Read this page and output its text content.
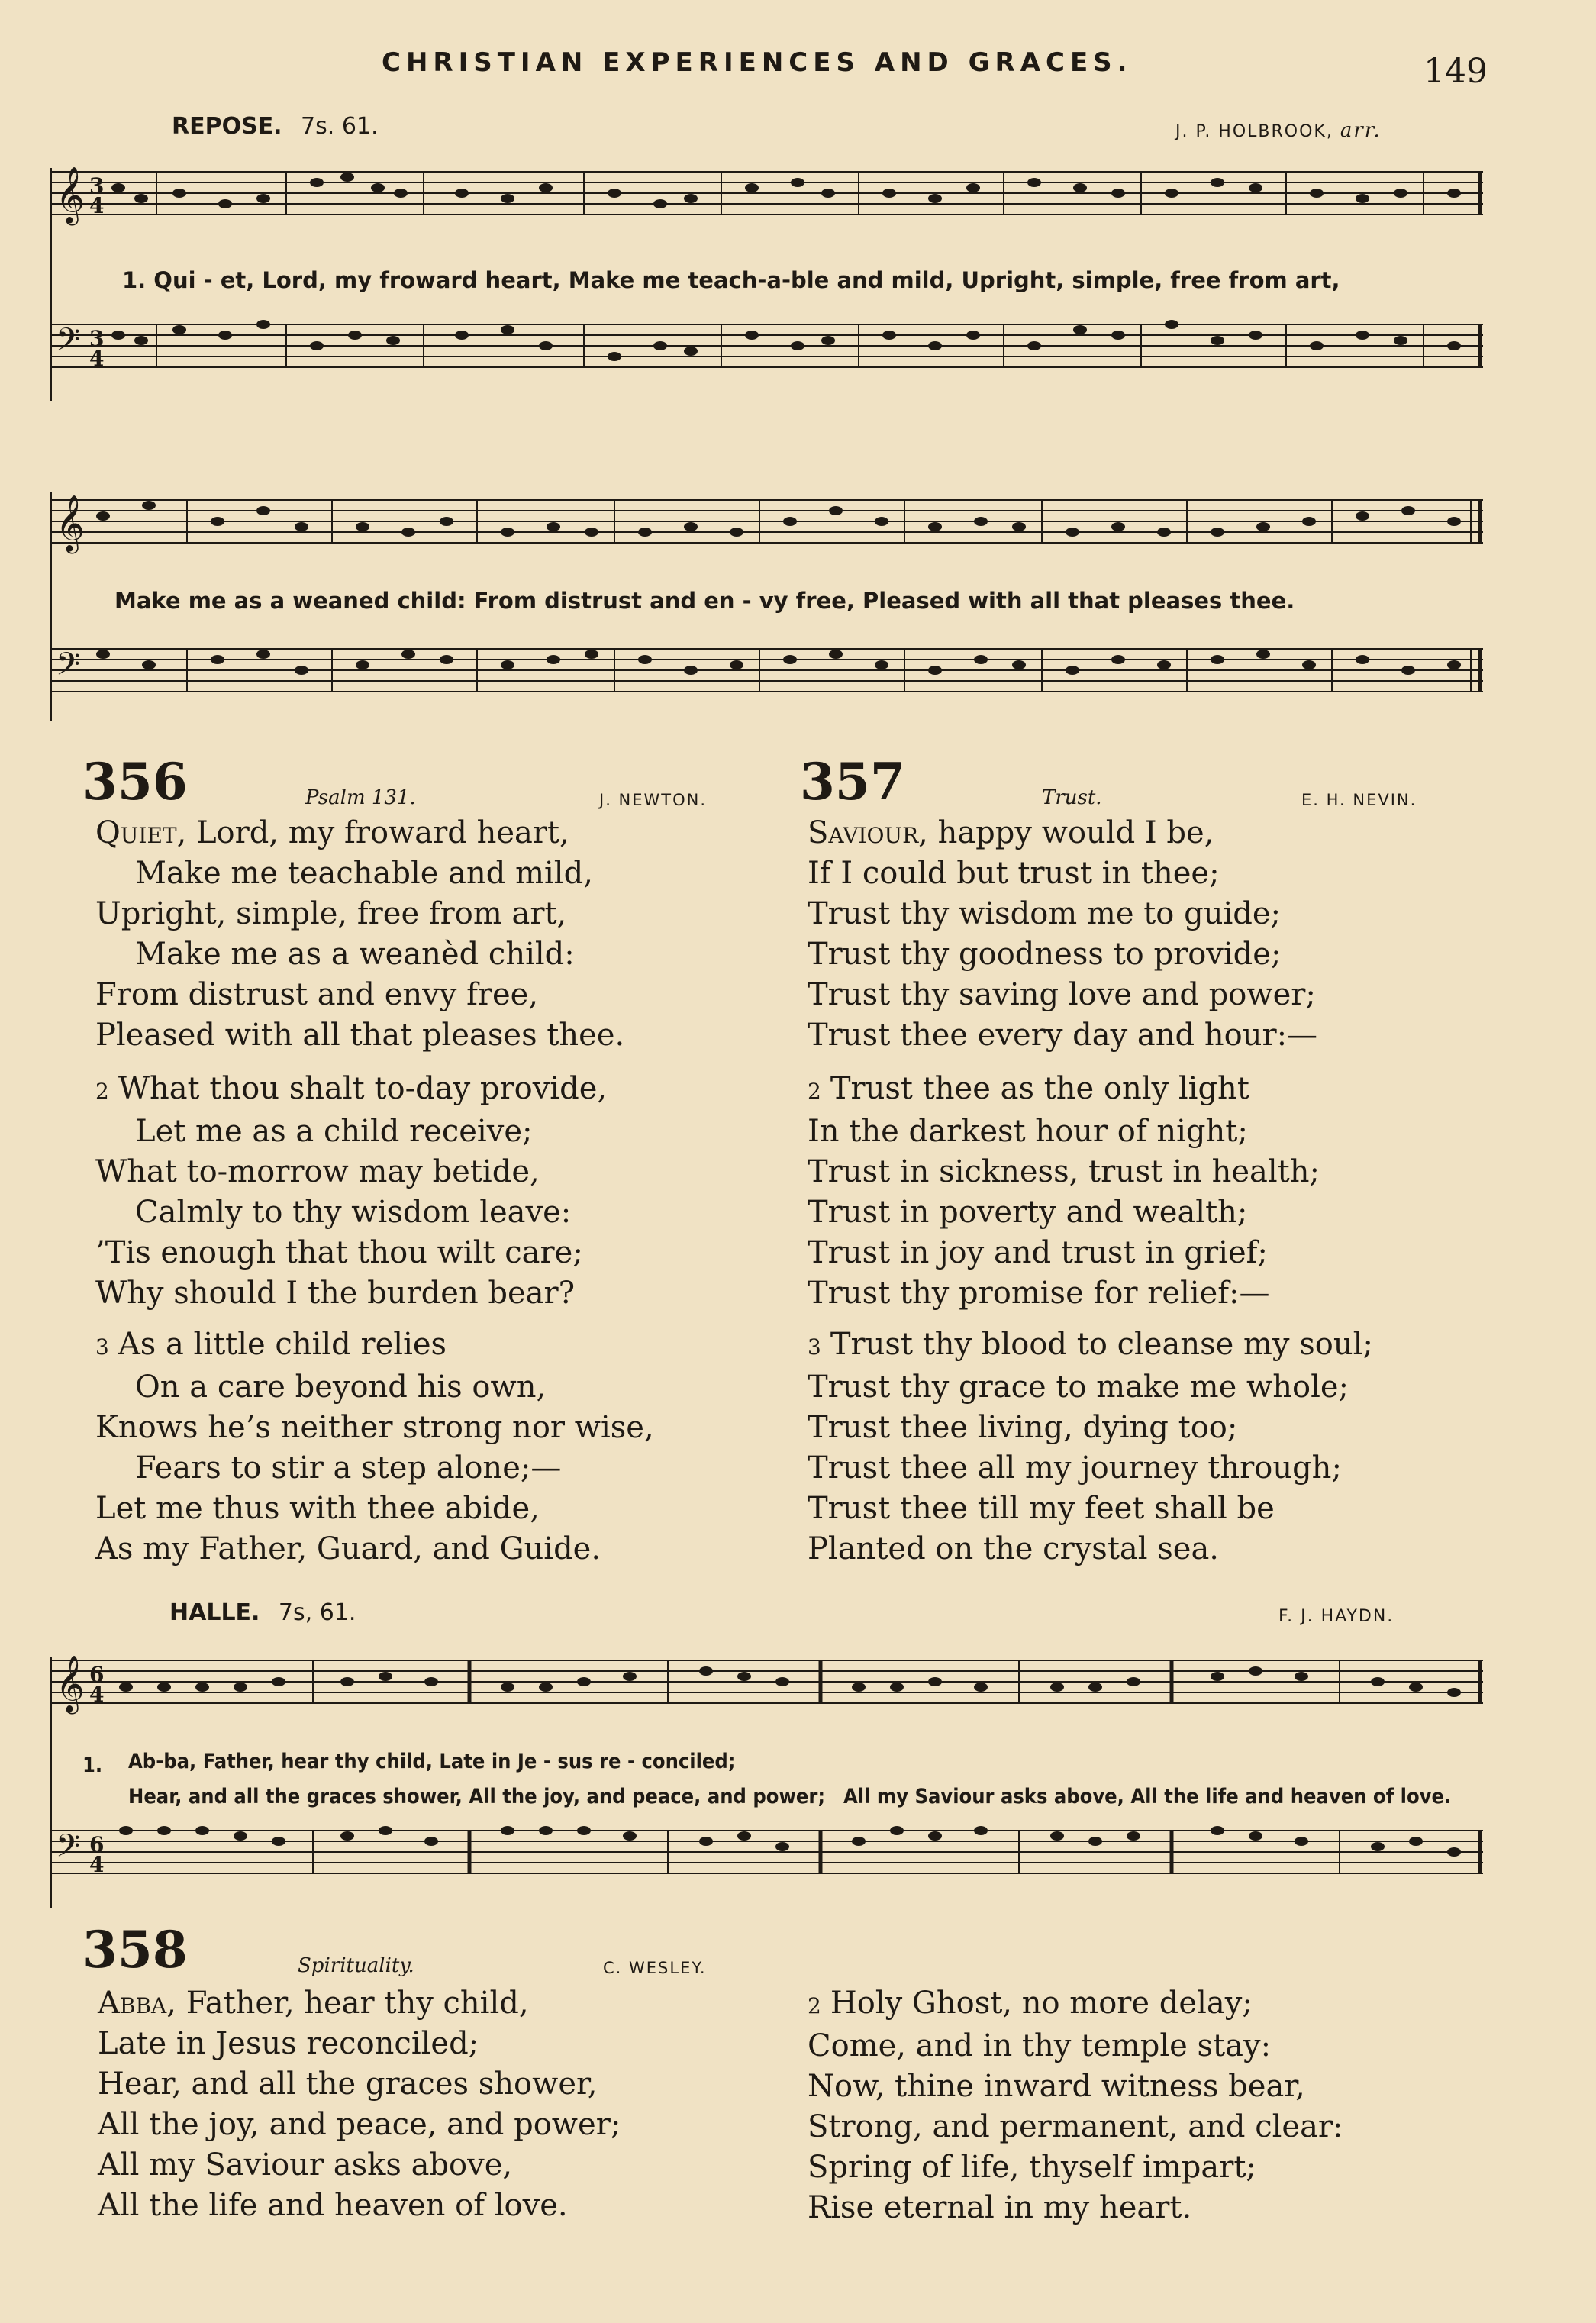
CHRISTIAN EXPERIENCES AND GRACES.	149
REPOSE. 7s. 61.	J. P. HOLBROOK, arr.
𝄞
𝄢
3
4
3
4
1. Qui - et, Lord, my froward heart, Make me teach-a-ble and mild, Upright, simple, free from art,
𝄞
𝄢
Make me as a weaned child: From distrust and en - vy free, Pleased with all that pleases thee.
356	Psalm 131.	J. NEWTON.
Quiet, Lord, my froward heart,
Make me teachable and mild,
Upright, simple, free from art,
Make me as a weanèd child:
From distrust and envy free,
Pleased with all that pleases thee.
2 What thou shalt to-day provide,
Let me as a child receive;
What to-morrow may betide,
Calmly to thy wisdom leave:
’Tis enough that thou wilt care;
Why should I the burden bear?
3 As a little child relies
On a care beyond his own,
Knows he’s neither strong nor wise,
Fears to stir a step alone;—
Let me thus with thee abide,
As my Father, Guard, and Guide.
357	Trust.	E. H. NEVIN.
Saviour, happy would I be,
If I could but trust in thee;
Trust thy wisdom me to guide;
Trust thy goodness to provide;
Trust thy saving love and power;
Trust thee every day and hour:—
2 Trust thee as the only light
In the darkest hour of night;
Trust in sickness, trust in health;
Trust in poverty and wealth;
Trust in joy and trust in grief;
Trust thy promise for relief:—
3 Trust thy blood to cleanse my soul;
Trust thy grace to make me whole;
Trust thee living, dying too;
Trust thee all my journey through;
Trust thee till my feet shall be
Planted on the crystal sea.
HALLE. 7s, 61.	F. J. HAYDN.
𝄞
𝄢
6
4
6
4
1. Ab-ba, Father, hear thy child, Late in Je - sus re - conciled;
Hear, and all the graces shower, All the joy, and peace, and power; All my Saviour asks above, All the life and heaven of love.
358	Spirituality.	C. WESLEY.
Abba, Father, hear thy child,
Late in Jesus reconciled;
Hear, and all the graces shower,
All the joy, and peace, and power;
All my Saviour asks above,
All the life and heaven of love.
2 Holy Ghost, no more delay;
Come, and in thy temple stay:
Now, thine inward witness bear,
Strong, and permanent, and clear:
Spring of life, thyself impart;
Rise eternal in my heart.
